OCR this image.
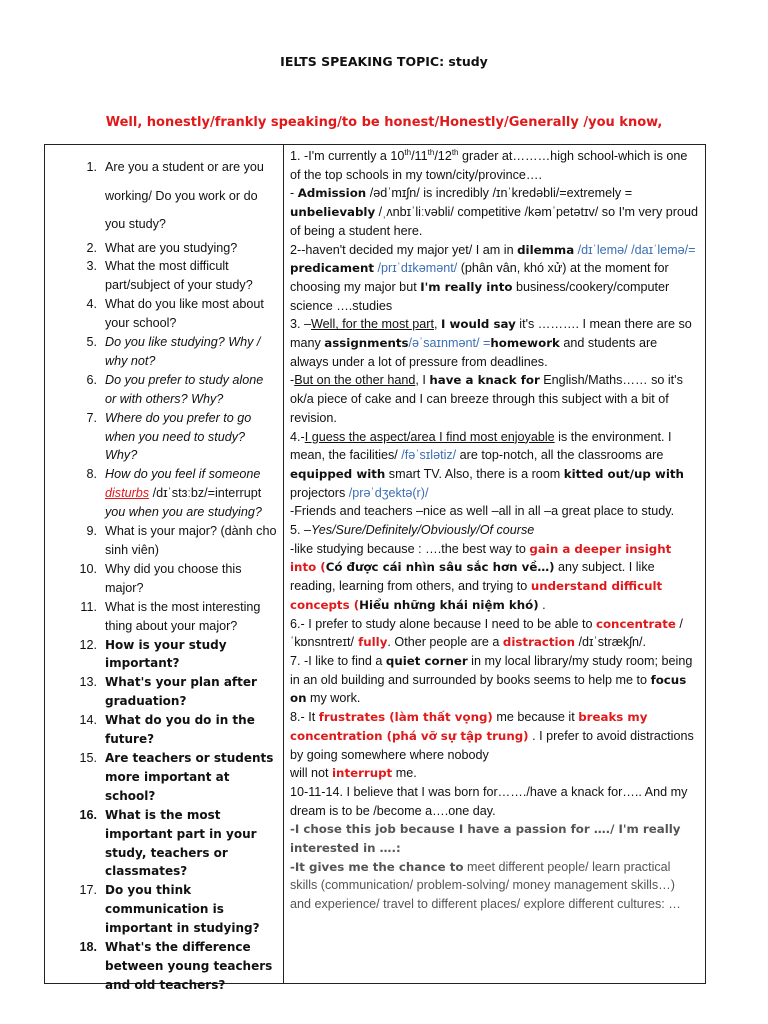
IELTS SPEAKING TOPIC: study
Well, honestly/frankly speaking/to be honest/Honestly/Generally /you know,
1. Are you a student or are you working/ Do you work or do you study?
2. What are you studying?
3. What the most difficult part/subject of your study?
4. What do you like most about your school?
5. Do you like studying? Why / why not?
6. Do you prefer to study alone or with others? Why?
7. Where do you prefer to go when you need to study? Why?
8. How do you feel if someone disturbs /dɪˈstɜːbz/=interrupt you when you are studying?
9. What is your major? (dành cho sinh viên)
10. Why did you choose this major?
11. What is the most interesting thing about your major?
12. How is your study important?
13. What's your plan after graduation?
14. What do you do in the future?
15. Are teachers or students more important at school?
16. What is the most important part in your study, teachers or classmates?
17. Do you think communication is important in studying?
18. What's the difference between young teachers and old teachers?

1. -I'm currently a 10th/11th/12th grader at………high school-which is one of the top schools in my town/city/province….

- Admission /ədˈmɪʃn/ is incredibly /ɪnˈkredəbli/=extremely = unbelievably /ˌʌnbɪˈliːvəbli/ competitive /kəmˈpetətɪv/ so I'm very proud of being a student here.

2--haven't decided my major yet/ I am in dilemma /dɪˈlemə/ /daɪˈlemə/= predicament /prɪˈdɪkəmənt/ (phân vân, khó xử) at the moment for choosing my major but I'm really into business/cookery/computer science ….studies

3. –Well, for the most part, I would say it's ………. I mean there are so many assignments/əˈsaɪnmənt/ =homework and students are always under a lot of pressure from deadlines.

-But on the other hand, I have a knack for English/Maths…… so it's ok/a piece of cake and I can breeze through this subject with a bit of revision.

4.-I guess the aspect/area I find most enjoyable is the environment. I mean, the facilities/ /fəˈsɪlətiz/ are top-notch, all the classrooms are equipped with smart TV. Also, there is a room kitted out/up with projectors /prəˈdʒektə(r)/

-Friends and teachers –nice as well –all in all –a great place to study.

5. –Yes/Sure/Definitely/Obviously/Of course

-like studying because : ….the best way to gain a deeper insight into (Có được cái nhìn sâu sắc hơn về…) any subject. I like reading, learning from others, and trying to understand difficult concepts (Hiểu những khái niệm khó) .

6.- I prefer to study alone because I need to be able to concentrate /ˈkɒnsntreɪt/ fully. Other people are a distraction /dɪˈstrækʃn/.

7. -I like to find a quiet corner in my local library/my study room; being in an old building and surrounded by books seems to help me to focus on my work.

8.- It frustrates (làm thất vọng) me because it breaks my concentration (phá vỡ sự tập trung) . I prefer to avoid distractions by going somewhere where nobody

will not interrupt me.

10-11-14. I believe that I was born for……./have a knack for….. And my dream is to be /become a….one day.

-I chose this job because I have a passion for …./ I'm really interested in ….:

-It gives me the chance to meet different people/ learn practical skills (communication/ problem-solving/ money management skills…) and experience/ travel to different places/ explore different cultures: …
